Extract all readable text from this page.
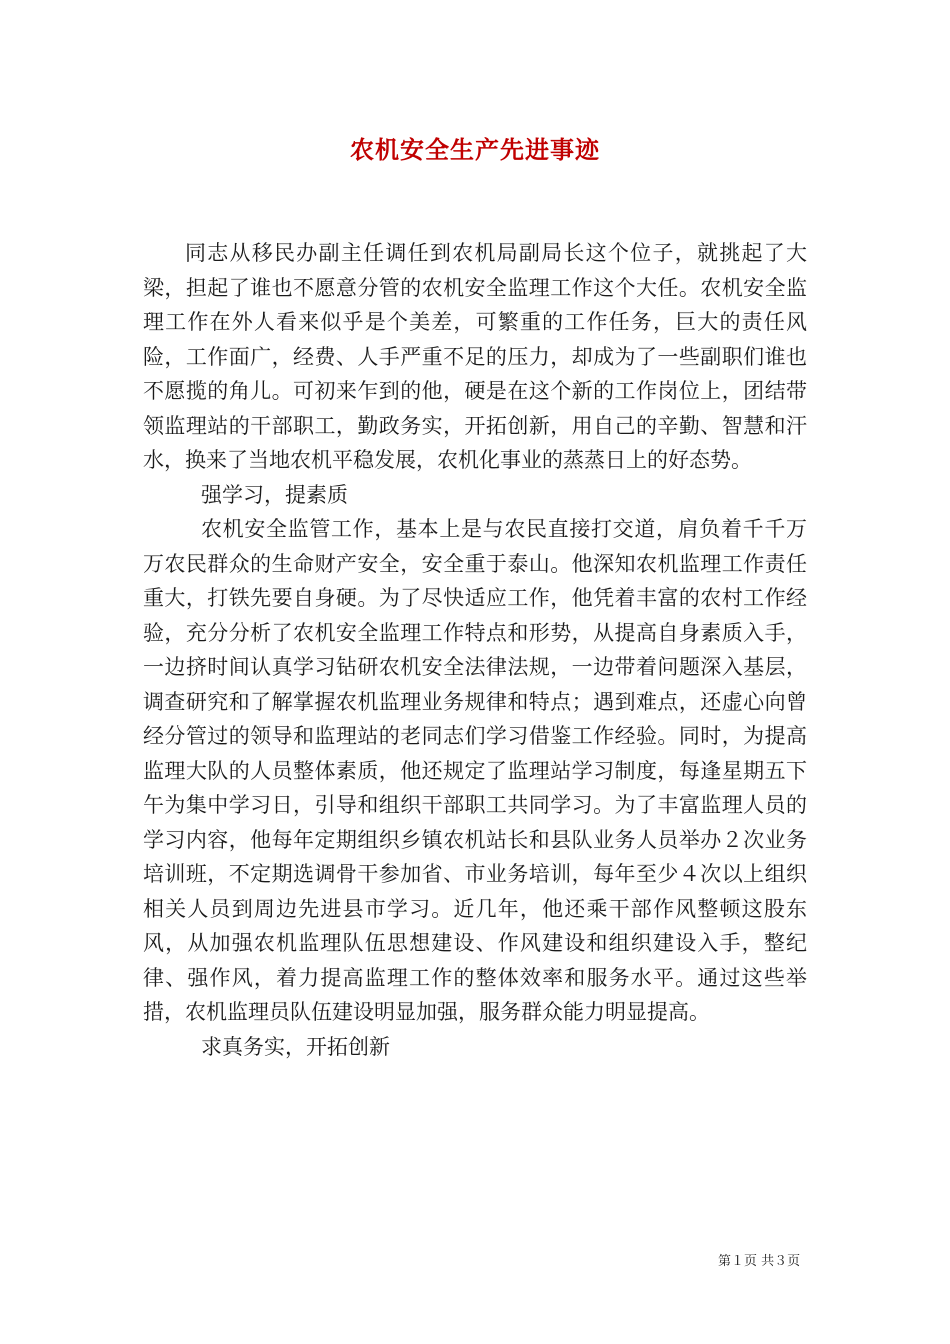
农机安全生产先进事迹

同志从移民办副主任调任到农机局副局长这个位子，就挑起了大梁，担起了谁也不愿意分管的农机安全监理工作这个大任。农机安全监理工作在外人看来似乎是个美差，可繁重的工作任务，巨大的责任风险，工作面广，经费、人手严重不足的压力，却成为了一些副职们谁也不愿揽的角儿。可初来乍到的他，硬是在这个新的工作岗位上，团结带领监理站的干部职工，勤政务实，开拓创新，用自己的辛勤、智慧和汗水，换来了当地农机平稳发展，农机化事业的蒸蒸日上的好态势。

强学习，提素质

农机安全监管工作，基本上是与农民直接打交道，肩负着千千万万农民群众的生命财产安全，安全重于泰山。他深知农机监理工作责任重大，打铁先要自身硬。为了尽快适应工作，他凭着丰富的农村工作经验，充分分析了农机安全监理工作特点和形势，从提高自身素质入手，一边挤时间认真学习钻研农机安全法律法规，一边带着问题深入基层，调查研究和了解掌握农机监理业务规律和特点；遇到难点，还虚心向曾经分管过的领导和监理站的老同志们学习借鉴工作经验。同时，为提高监理大队的人员整体素质，他还规定了监理站学习制度，每逢星期五下午为集中学习日，引导和组织干部职工共同学习。为了丰富监理人员的学习内容，他每年定期组织乡镇农机站长和县队业务人员举办２次业务培训班，不定期选调骨干参加省、市业务培训，每年至少４次以上组织相关人员到周边先进县市学习。近几年，他还乘干部作风整顿这股东风，从加强农机监理队伍思想建设、作风建设和组织建设入手，整纪律、强作风，着力提高监理工作的整体效率和服务水平。通过这些举措，农机监理员队伍建设明显加强，服务群众能力明显提高。

求真务实，开拓创新

第１页 共３页
